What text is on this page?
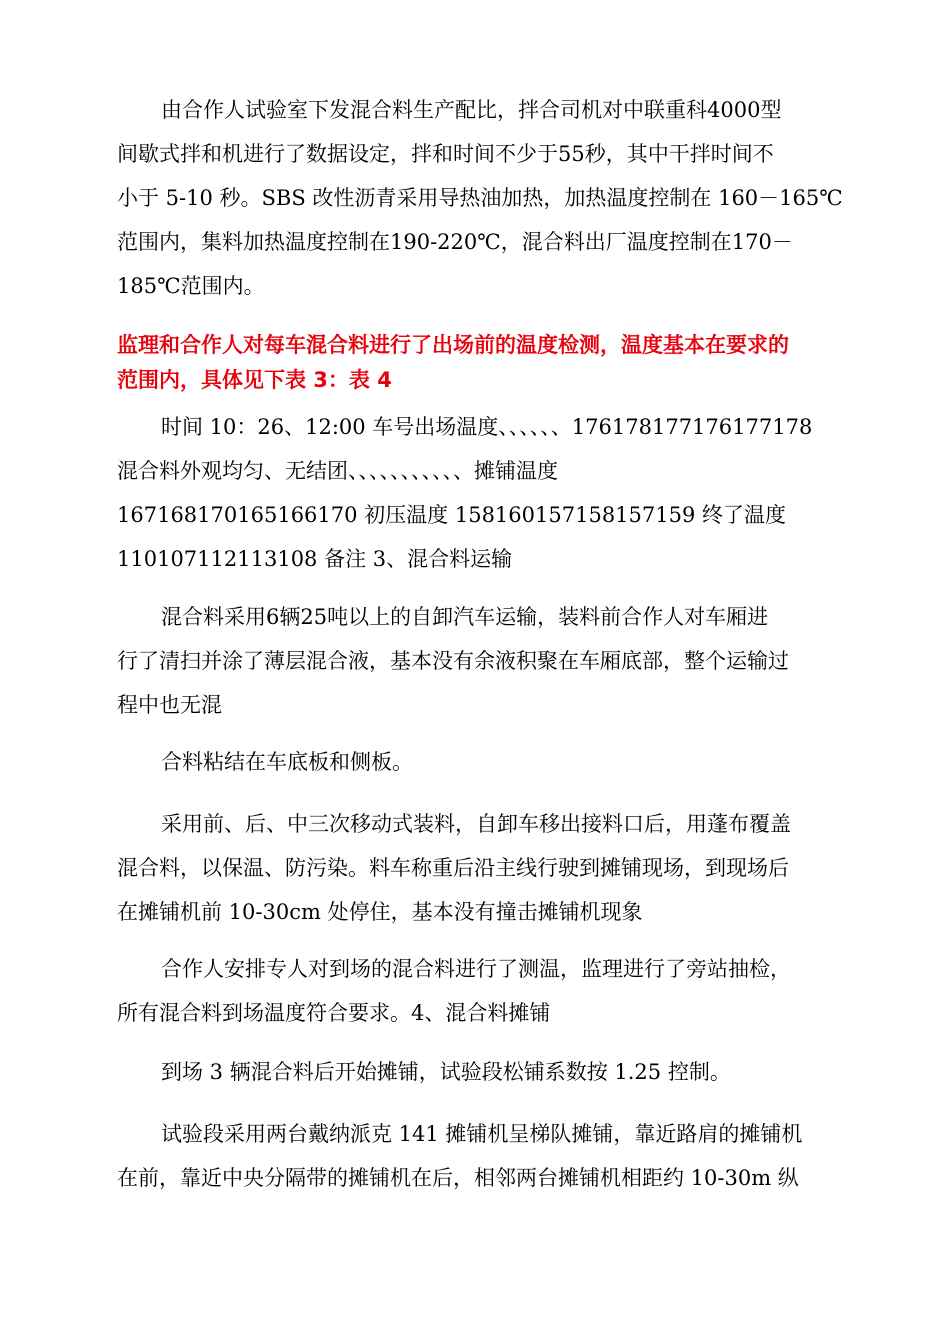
由合作人试验室下发混合料生产配比，拌合司机对中联重科4000型
间歇式拌和机进行了数据设定，拌和时间不少于55秒，其中干拌时间不
小于 5-10 秒。SBS 改性沥青采用导热油加热，加热温度控制在 160－165℃
范围内，集料加热温度控制在190-220℃，混合料出厂温度控制在170－
185℃范围内。
监理和合作人对每车混合料进行了出场前的温度检测，温度基本在要求的
范围内，具体见下表 3：表 4
时间 10：26、12:00 车号出场温度、、、、、、176178177176177178
混合料外观均匀、无结团、、、、、、、、、、、摊铺温度
167168170165166170 初压温度 158160157158157159 终了温度
110107112113108 备注 3、混合料运输
混合料采用6辆25吨以上的自卸汽车运输，装料前合作人对车厢进
行了清扫并涂了薄层混合液，基本没有余液积聚在车厢底部，整个运输过
程中也无混
合料粘结在车底板和侧板。
采用前、后、中三次移动式装料，自卸车移出接料口后，用蓬布覆盖
混合料，以保温、防污染。料车称重后沿主线行驶到摊铺现场，到现场后
在摊铺机前 10-30cm 处停住，基本没有撞击摊铺机现象
合作人安排专人对到场的混合料进行了测温，监理进行了旁站抽检，
所有混合料到场温度符合要求。4、混合料摊铺
到场 3 辆混合料后开始摊铺，试验段松铺系数按 1.25 控制。
试验段采用两台戴纳派克 141 摊铺机呈梯队摊铺，靠近路肩的摊铺机
在前，靠近中央分隔带的摊铺机在后，相邻两台摊铺机相距约 10-30m 纵
